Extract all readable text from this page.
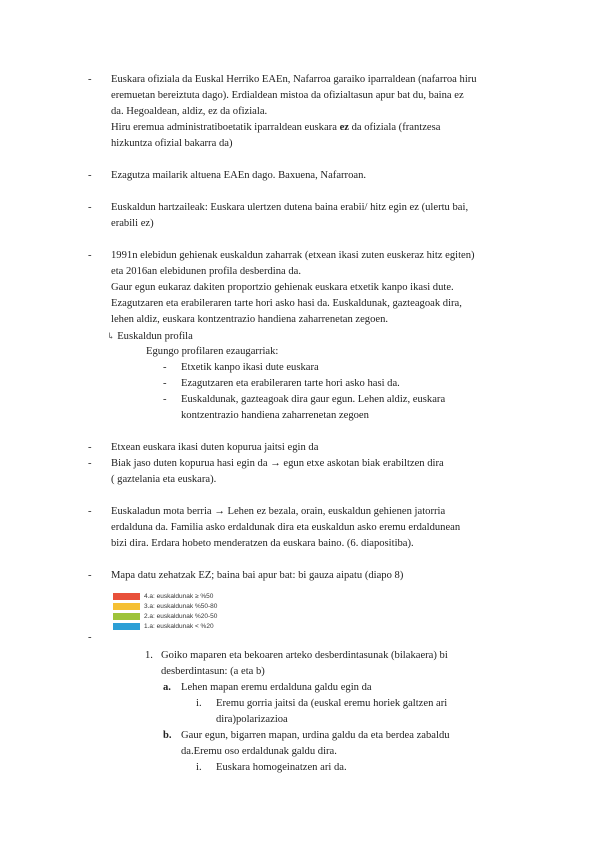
- Euskara ofiziala da Euskal Herriko EAEn, Nafarroa garaiko iparraldean (nafarroa hiru
eremuetan bereiztuta dago). Erdialdean mistoa da ofizialtasun apur bat du, baina ez
da. Hegoaldean, aldiz, ez da ofiziala.
Hiru eremua administratiboetatik iparraldean euskara ez da ofiziala (frantzesa
hizkuntza ofizial bakarra da)
- Ezagutza mailarik altuena EAEn dago. Baxuena, Nafarroan.
- Euskaldun hartzaileak: Euskara ulertzen dutena baina erabii/ hitz egin ez (ulertu bai,
erabili ez)
- 1991n elebidun gehienak euskaldun zaharrak (etxean ikasi zuten euskeraz hitz egiten)
eta 2016an elebidunen profila desberdina da.
Gaur egun eukaraz dakiten proportzio gehienak euskara etxetik kanpo ikasi dute.
Ezagutzaren eta erabileraren tarte hori asko hasi da. Euskaldunak, gazteagoak dira,
lehen aldiz, euskara kontzentrazio handiena zaharrenetan zegoen.
↳ Euskaldun profila
Egungo profilaren ezaugarriak:
- Etxetik kanpo ikasi dute euskara
- Ezagutzaren eta erabileraren tarte hori asko hasi da.
- Euskaldunak, gazteagoak dira gaur egun. Lehen aldiz, euskara
kontzentrazio handiena zaharrenetan zegoen
- Etxean euskara ikasi duten kopurua jaitsi egin da
- Biak jaso duten kopurua hasi egin da → egun etxe askotan biak erabiltzen dira
( gaztelania eta euskara).
- Euskaladun mota berria → Lehen ez bezala, orain, euskaldun gehienen jatorria
erdalduna da. Familia asko erdaldunak dira eta euskaldun asko eremu erdaldunean
bizi dira. Erdara hobeto menderatzen da euskara baino. (6. diapositiba).
- Mapa datu zehatzak EZ; baina bai apur bat: bi gauza aipatu (diapo 8)
4.a: euskaldunak ≥ %50
3.a: euskaldunak %50-80
2.a: euskaldunak %20-50
1.a: euskaldunak < %20
-
1. Goiko maparen eta bekoaren arteko desberdintasunak (bilakaera) bi
desberdintasun: (a eta b)
a. Lehen mapan eremu erdalduna galdu egin da
i. Eremu gorria jaitsi da (euskal eremu horiek galtzen ari
dira)polarizazioa
b. Gaur egun, bigarren mapan, urdina galdu da eta berdea zabaldu
da.Eremu oso erdaldunak galdu dira.
i. Euskara homogeinatzen ari da.
